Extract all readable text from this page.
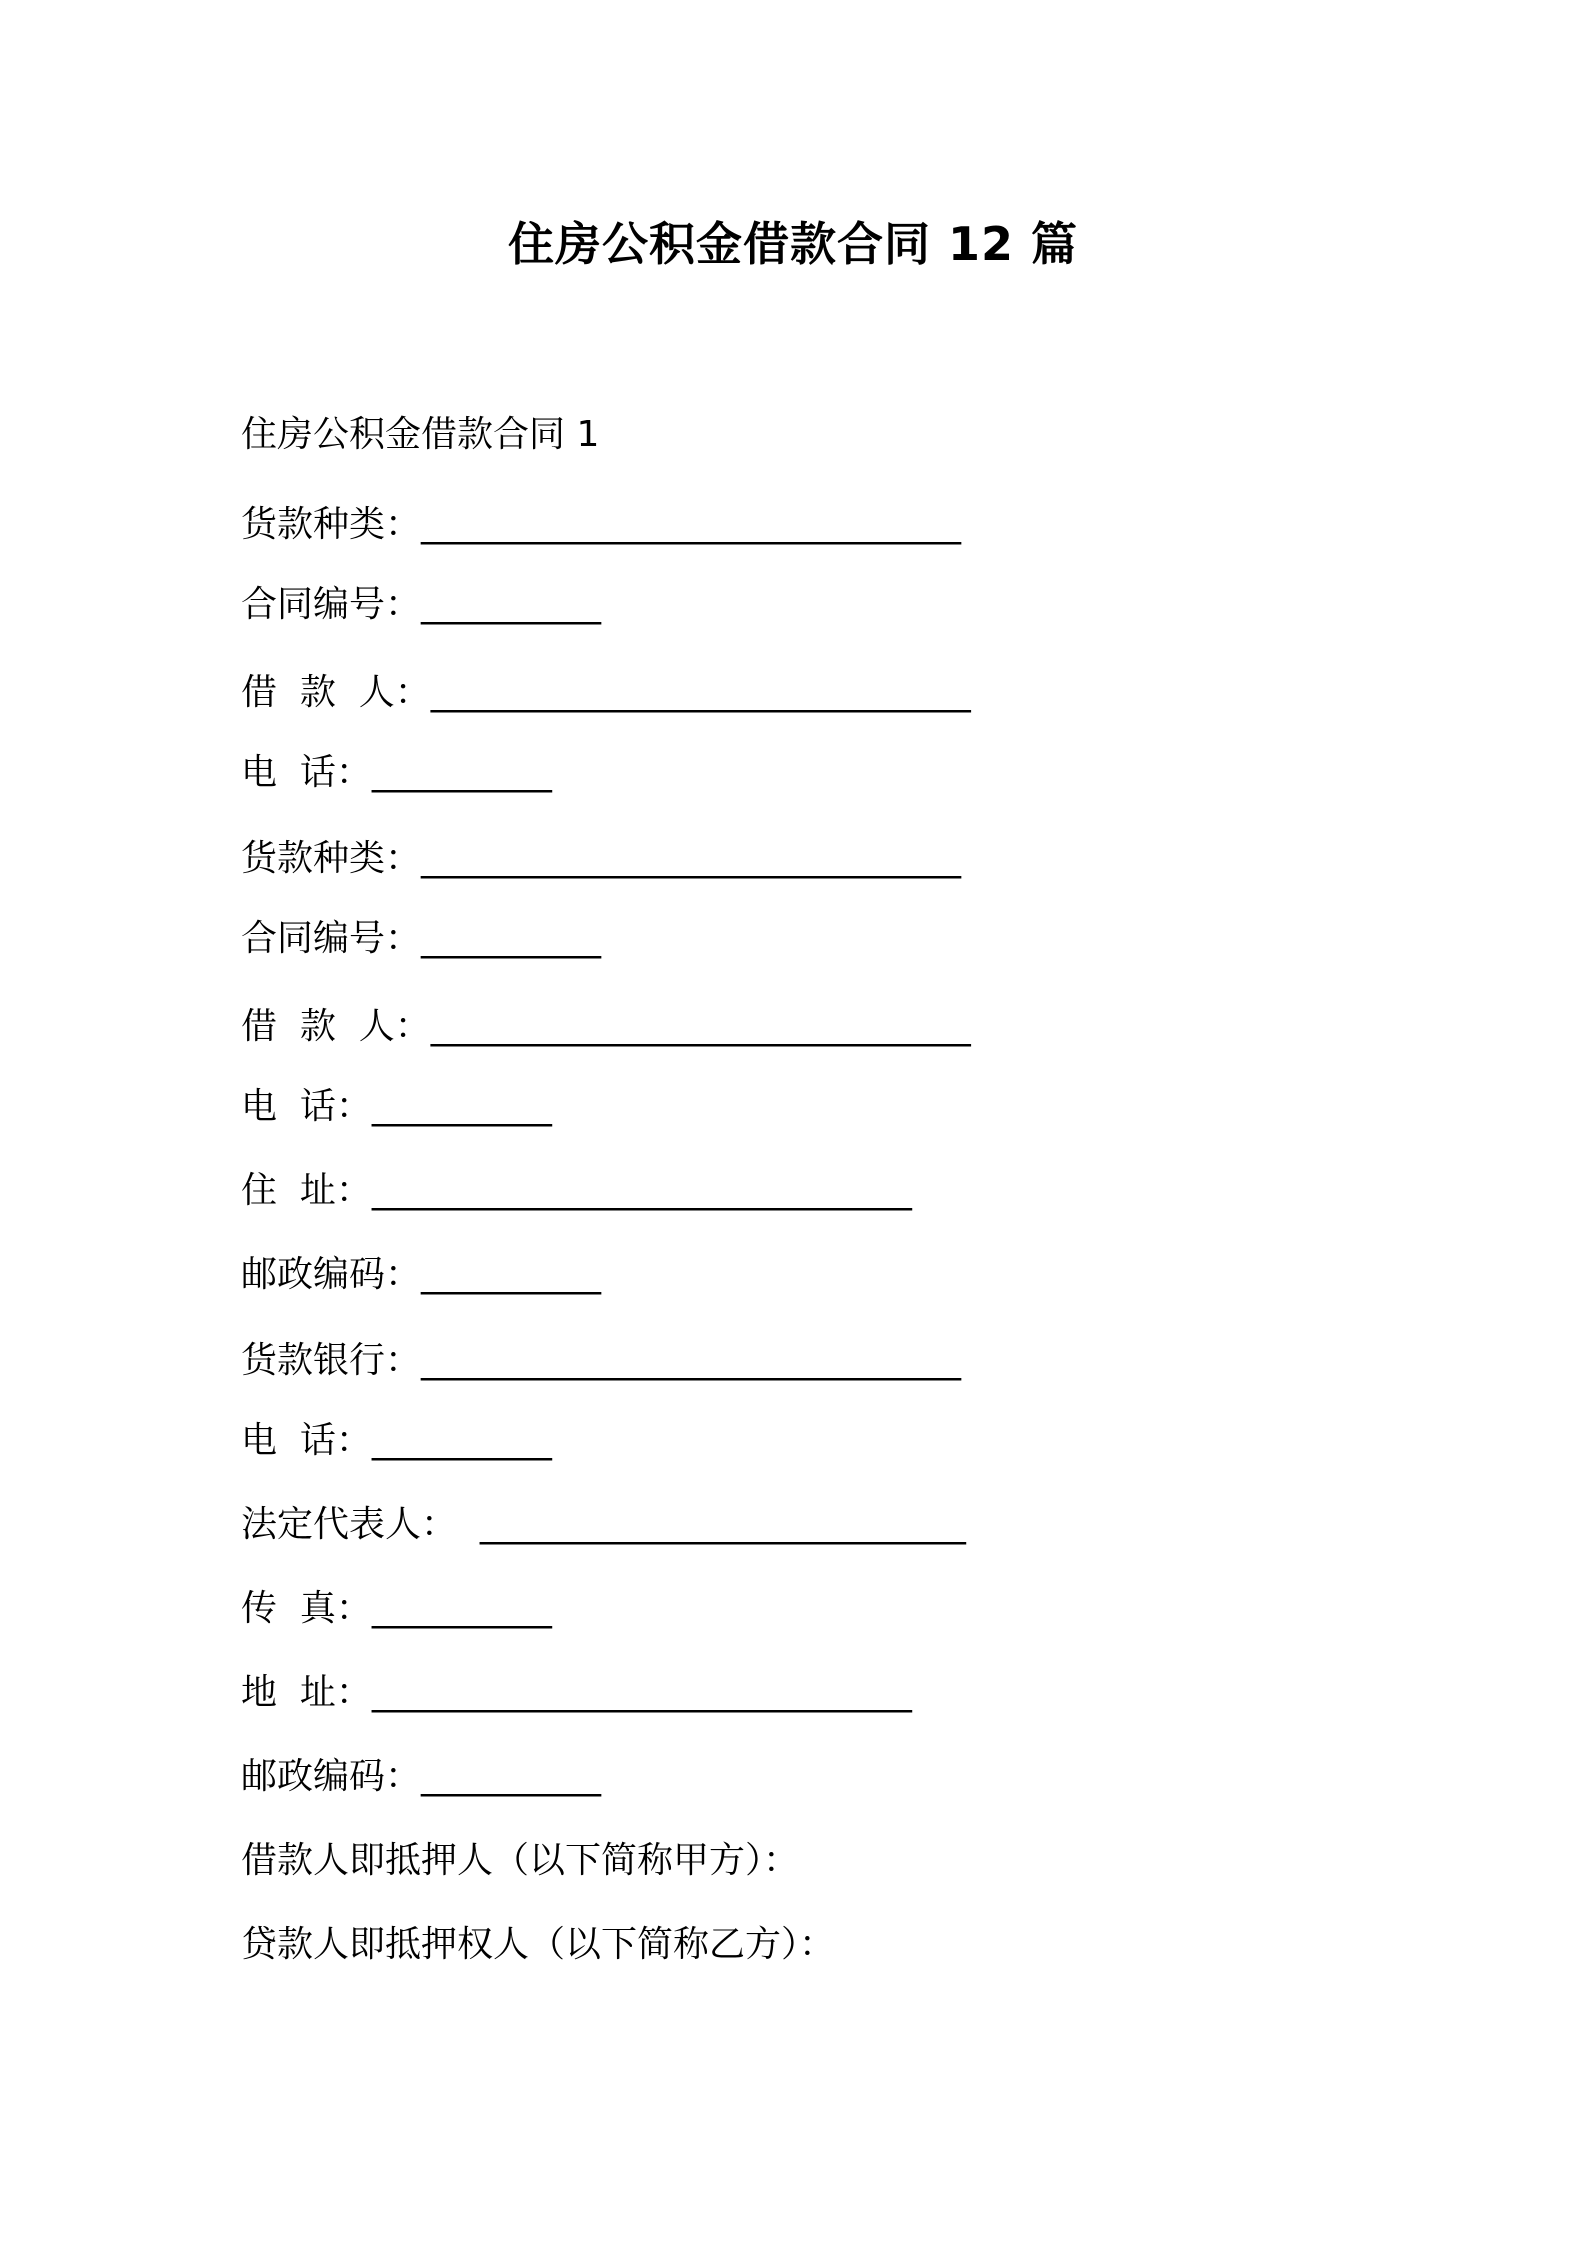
住房公积金借款合同 12 篇
住房公积金借款合同 1
货款种类：______________________________
合同编号：__________
借  款  人：______________________________
电  话：__________
货款种类：______________________________
合同编号：__________
借  款  人：______________________________
电  话：__________
住  址：______________________________
邮政编码：__________
货款银行：______________________________
电  话：__________
法定代表人：  ___________________________
传  真：__________
地  址：______________________________
邮政编码：__________
借款人即抵押人（以下简称甲方）：
贷款人即抵押权人（以下简称乙方）：
